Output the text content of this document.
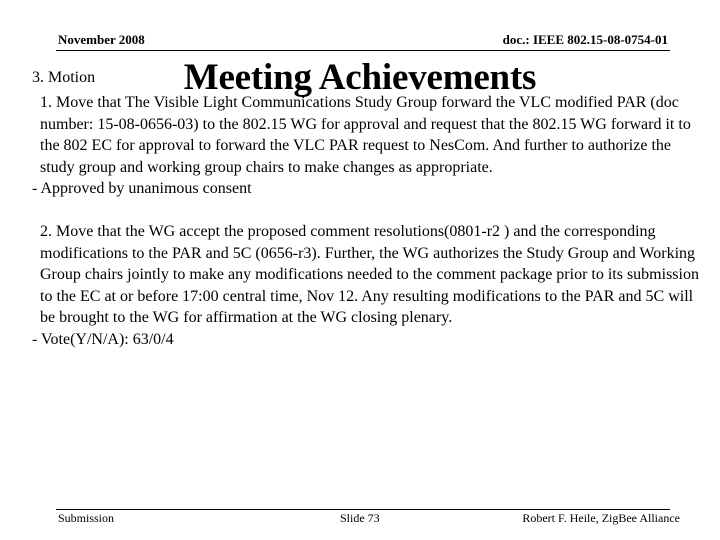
November 2008	doc.: IEEE 802.15-08-0754-01
Meeting Achievements
3. Motion

1. Move that The Visible Light Communications Study Group forward the VLC modified PAR (doc number: 15-08-0656-03) to the 802.15 WG for approval and request that the 802.15 WG forward it to the 802 EC for approval to forward the VLC PAR request to NesCom. And further to authorize the study group and working group chairs to make changes as appropriate.

- Approved by unanimous consent

2. Move that the WG accept the proposed comment resolutions(0801-r2 ) and the corresponding modifications to the PAR and 5C (0656-r3). Further, the WG authorizes the Study Group and Working Group chairs jointly to make any modifications needed to the comment package prior to its submission to the EC at or before 17:00 central time, Nov 12. Any resulting modifications to the PAR and 5C will be brought to the WG for affirmation at the WG closing plenary.

- Vote(Y/N/A): 63/0/4

Submission	Slide 73	Robert F. Heile, ZigBee Alliance
